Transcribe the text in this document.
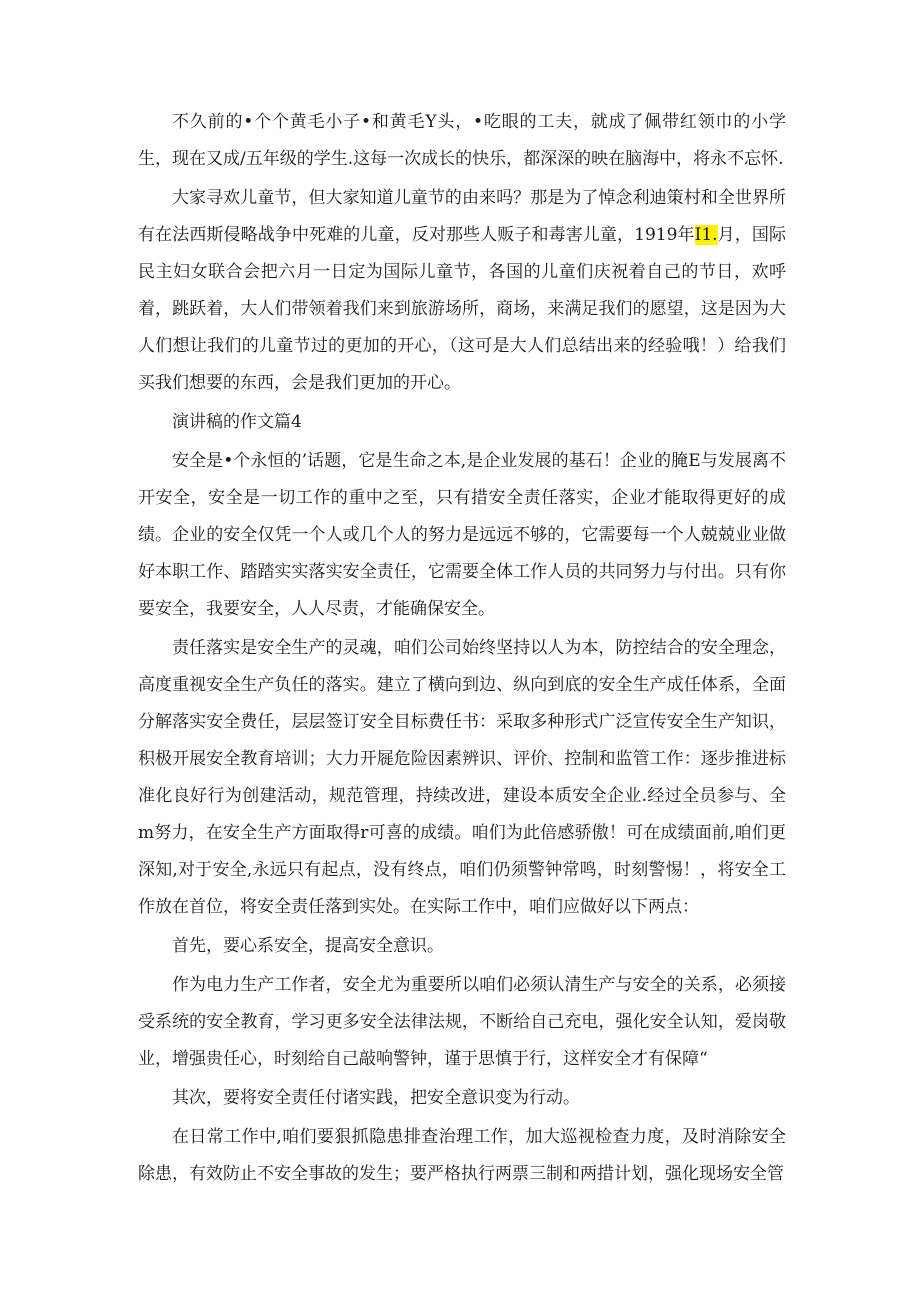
不久前的•个个黄毛小子•和黄毛Y头，•吃眼的工夫，就成了佩带红领巾的小学生，现在又成/五年级的学生.这每一次成长的快乐，都深深的映在脑海中，将永不忘怀.

大家寻欢儿童节，但大家知道儿童节的由来吗？那是为了悼念利迪策村和全世界所有在法西斯侵略战争中死难的儿童，反对那些人贩子和毒害儿童，1919年I1.月，国际民主妇女联合会把六月一日定为国际儿童节，各国的儿童们庆祝着自己的节日，欢呼着，跳跃着，大人们带领着我们来到旅游场所，商场，来满足我们的愿望，这是因为大人们想让我们的儿童节过的更加的开心，（这可是大人们总结出来的经验哦！）给我们买我们想要的东西，会是我们更加的开心。

演讲稿的作文篇4

安全是•个永恒的’话题，它是生命之本,是企业发展的基石！企业的腌E与发展离不开安全，安全是一切工作的重中之至，只有措安全责任落实，企业才能取得更好的成绩。企业的安全仅凭一个人或几个人的努力是远远不够的，它需要每一个人兢兢业业做好本职工作、踏踏实实落实安全责任，它需要全体工作人员的共同努力与付出。只有你要安全，我要安全，人人尽责，才能确保安全。

责任落实是安全生产的灵魂，咱们公司始终坚持以人为本，防控结合的安全理念，高度重视安全生产负任的落实。建立了横向到边、纵向到底的安全生产成任体系，全面分解落实安全费任，层层签订安全目标费任书：采取多种形式广泛宣传安全生产知识，积极开展安全教育培训；大力开屣危险因素辨识、评价、控制和监管工作：逐步推进标准化良好行为创建活动，规范管理，持续改进，建设本质安全企业.经过全员参与、全m努力，在安全生产方面取得r可喜的成绩。咱们为此倍感骄傲！可在成绩面前,咱们更深知,对于安全,永远只有起点，没有终点，咱们仍须警钟常鸣，时刻警惕！，将安全工作放在首位，将安全责任落到实处。在实际工作中，咱们应做好以下两点：

首先，要心系安全，提高安全意识。

作为电力生产工作者，安全尤为重要所以咱们必须认清生产与安全的关系，必须接受系统的安全教育，学习更多安全法律法规，不断给自己充电，强化安全认知，爱岗敬业，增强贵任心，时刻给自己敲响警钟，谨于思慎于行，这样安全才有保障“

其次，要将安全责任付诸实践，把安全意识变为行动。

在日常工作中,咱们要狠抓隐患排查治理工作，加大巡视检查力度，及时消除安全除患，有效防止不安全事故的发生；要严格执行两票三制和两措计划，强化现场安全管
